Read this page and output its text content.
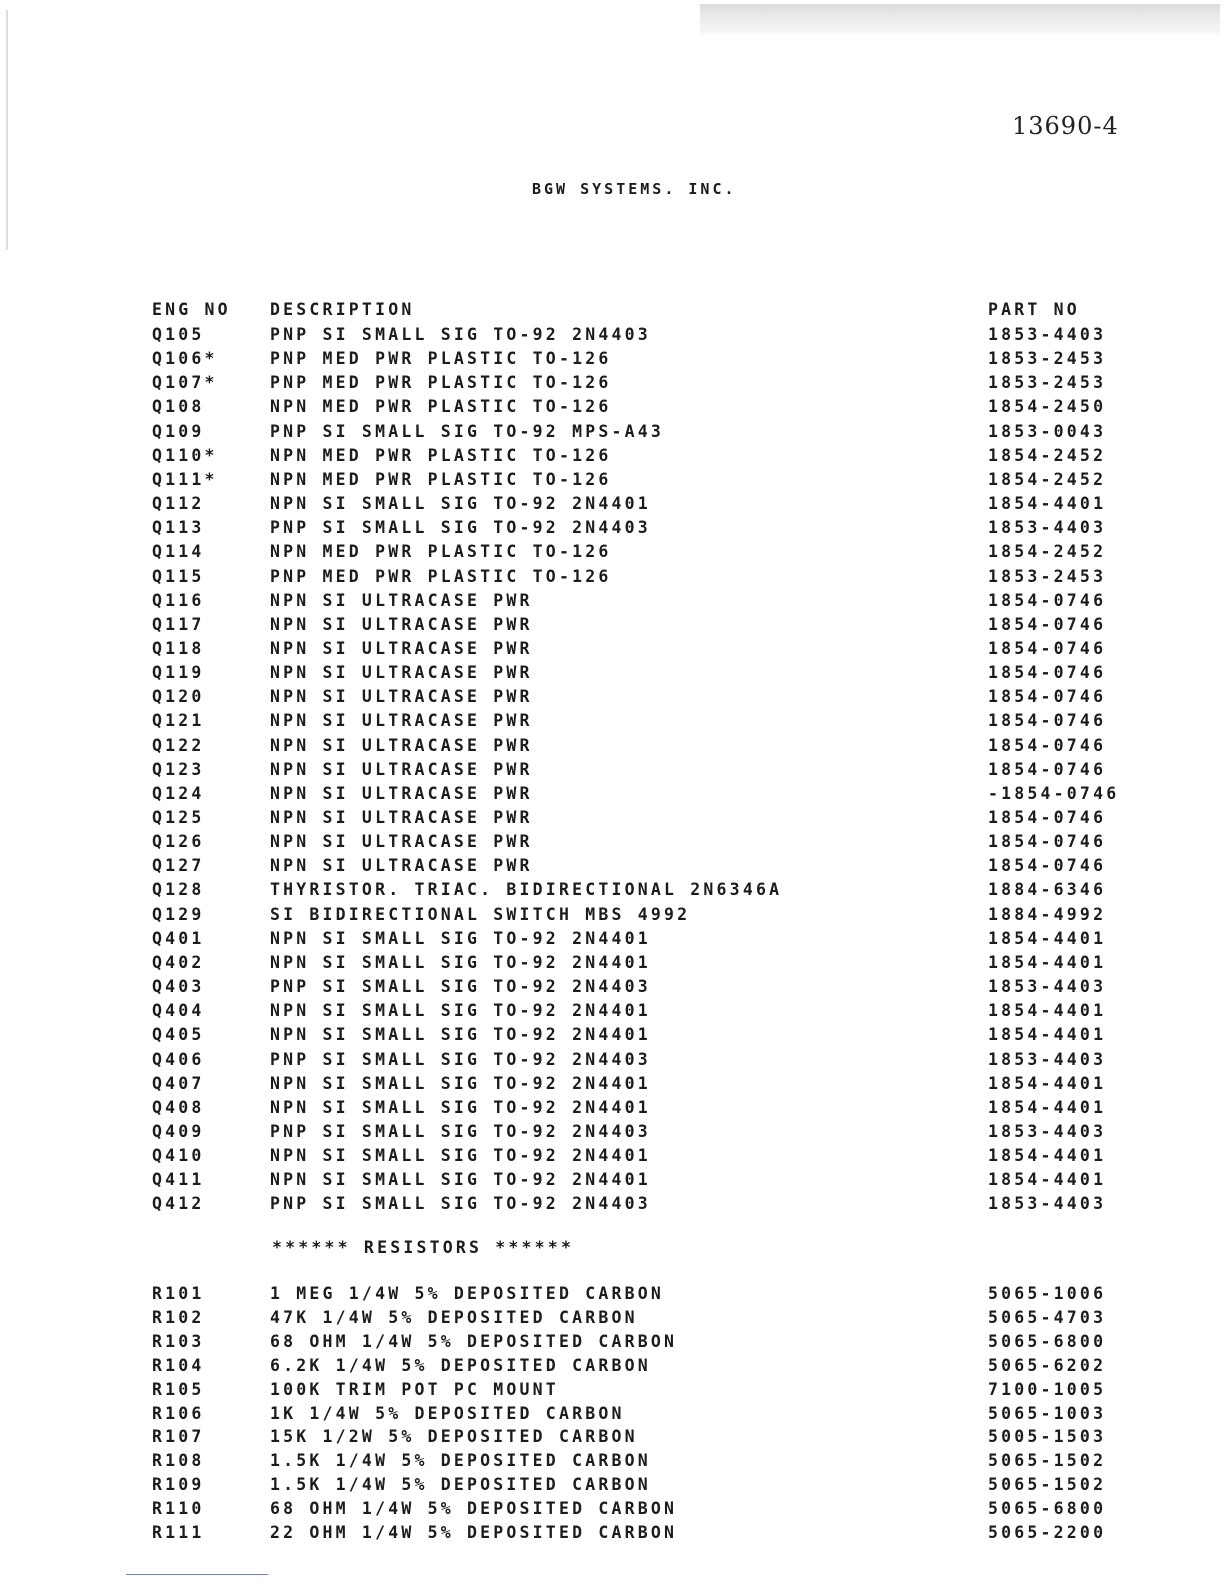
13690-4
BGW SYSTEMS. INC.
ENG NO DESCRIPTION	PART NO
Q105	PNP SI SMALL SIG TO-92 2N4403	1853-4403
Q106*	PNP MED PWR PLASTIC TO-126	1853-2453
Q107*	PNP MED PWR PLASTIC TO-126	1853-2453
Q108	NPN MED PWR PLASTIC TO-126	1854-2450
Q109	PNP SI SMALL SIG TO-92 MPS-A43	1853-0043
Q110*	NPN MED PWR PLASTIC TO-126	1854-2452
Q111*	NPN MED PWR PLASTIC TO-126	1854-2452
Q112	NPN SI SMALL SIG TO-92 2N4401	1854-4401
Q113	PNP SI SMALL SIG TO-92 2N4403	1853-4403
Q114	NPN MED PWR PLASTIC TO-126	1854-2452
Q115	PNP MED PWR PLASTIC TO-126	1853-2453
Q116	NPN SI ULTRACASE PWR	1854-0746
Q117	NPN SI ULTRACASE PWR	1854-0746
Q118	NPN SI ULTRACASE PWR	1854-0746
Q119	NPN SI ULTRACASE PWR	1854-0746
Q120	NPN SI ULTRACASE PWR	1854-0746
Q121	NPN SI ULTRACASE PWR	1854-0746
Q122	NPN SI ULTRACASE PWR	1854-0746
Q123	NPN SI ULTRACASE PWR	1854-0746
Q124	NPN SI ULTRACASE PWR	-1854-0746
Q125	NPN SI ULTRACASE PWR	1854-0746
Q126	NPN SI ULTRACASE PWR	1854-0746
Q127	NPN SI ULTRACASE PWR	1854-0746
Q128	THYRISTOR. TRIAC. BIDIRECTIONAL 2N6346A	1884-6346
Q129	SI BIDIRECTIONAL SWITCH MBS 4992	1884-4992
Q401	NPN SI SMALL SIG TO-92 2N4401	1854-4401
Q402	NPN SI SMALL SIG TO-92 2N4401	1854-4401
Q403	PNP SI SMALL SIG TO-92 2N4403	1853-4403
Q404	NPN SI SMALL SIG TO-92 2N4401	1854-4401
Q405	NPN SI SMALL SIG TO-92 2N4401	1854-4401
Q406	PNP SI SMALL SIG TO-92 2N4403	1853-4403
Q407	NPN SI SMALL SIG TO-92 2N4401	1854-4401
Q408	NPN SI SMALL SIG TO-92 2N4401	1854-4401
Q409	PNP SI SMALL SIG TO-92 2N4403	1853-4403
Q410	NPN SI SMALL SIG TO-92 2N4401	1854-4401
Q411	NPN SI SMALL SIG TO-92 2N4401	1854-4401
Q412	PNP SI SMALL SIG TO-92 2N4403	1853-4403
****** RESISTORS ******
R101	1 MEG 1/4W 5% DEPOSITED CARBON	5065-1006
R102	47K 1/4W 5% DEPOSITED CARBON	5065-4703
R103	68 OHM 1/4W 5% DEPOSITED CARBON	5065-6800
R104	6.2K 1/4W 5% DEPOSITED CARBON	5065-6202
R105	100K TRIM POT PC MOUNT	7100-1005
R106	1K 1/4W 5% DEPOSITED CARBON	5065-1003
R107	15K 1/2W 5% DEPOSITED CARBON	5005-1503
R108	1.5K 1/4W 5% DEPOSITED CARBON	5065-1502
R109	1.5K 1/4W 5% DEPOSITED CARBON	5065-1502
R110	68 OHM 1/4W 5% DEPOSITED CARBON	5065-6800
R111	22 OHM 1/4W 5% DEPOSITED CARBON	5065-2200
